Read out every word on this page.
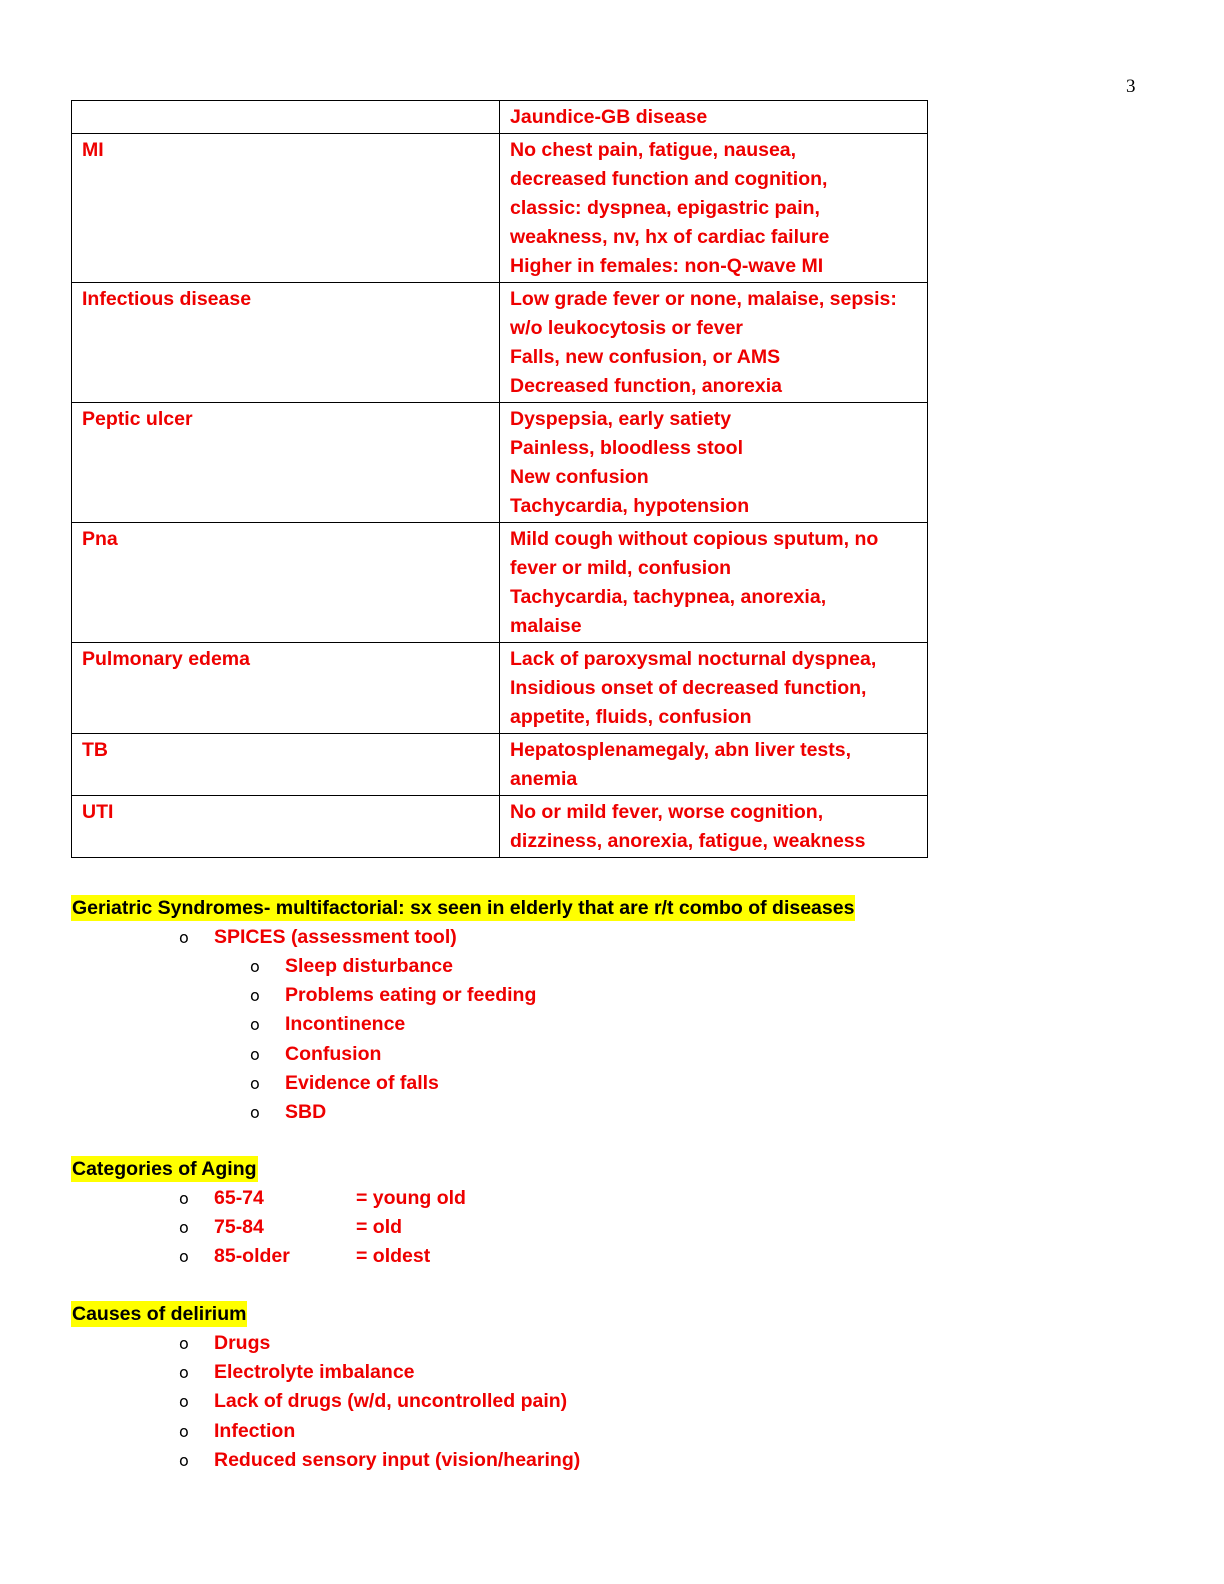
3

	Jaundice-GB disease

MI	No chest pain, fatigue, nausea,
decreased function and cognition,
classic: dyspnea, epigastric pain,
weakness, nv, hx of cardiac failure
Higher in females: non-Q-wave MI

Infectious disease	Low grade fever or none, malaise, sepsis:
w/o leukocytosis or fever
Falls, new confusion, or AMS
Decreased function, anorexia

Peptic ulcer	Dyspepsia, early satiety
Painless, bloodless stool
New confusion
Tachycardia, hypotension

Pna	Mild cough without copious sputum, no
fever or mild, confusion
Tachycardia, tachypnea, anorexia,
malaise

Pulmonary edema	Lack of paroxysmal nocturnal dyspnea,
Insidious onset of decreased function,
appetite, fluids, confusion

TB	Hepatosplenamegaly, abn liver tests,
anemia

UTI	No or mild fever, worse cognition,
dizziness, anorexia, fatigue, weakness
Geriatric Syndromes- multifactorial: sx seen in elderly that are r/t combo of diseases
o SPICES (assessment tool)
o Sleep disturbance
o Problems eating or feeding
o Incontinence
o Confusion
o Evidence of falls
o SBD
Categories of Aging
o 65-74	= young old
o 75-84	= old
o 85-older	= oldest
Causes of delirium
o Drugs
o Electrolyte imbalance
o Lack of drugs (w/d, uncontrolled pain)
o Infection
o Reduced sensory input (vision/hearing)
